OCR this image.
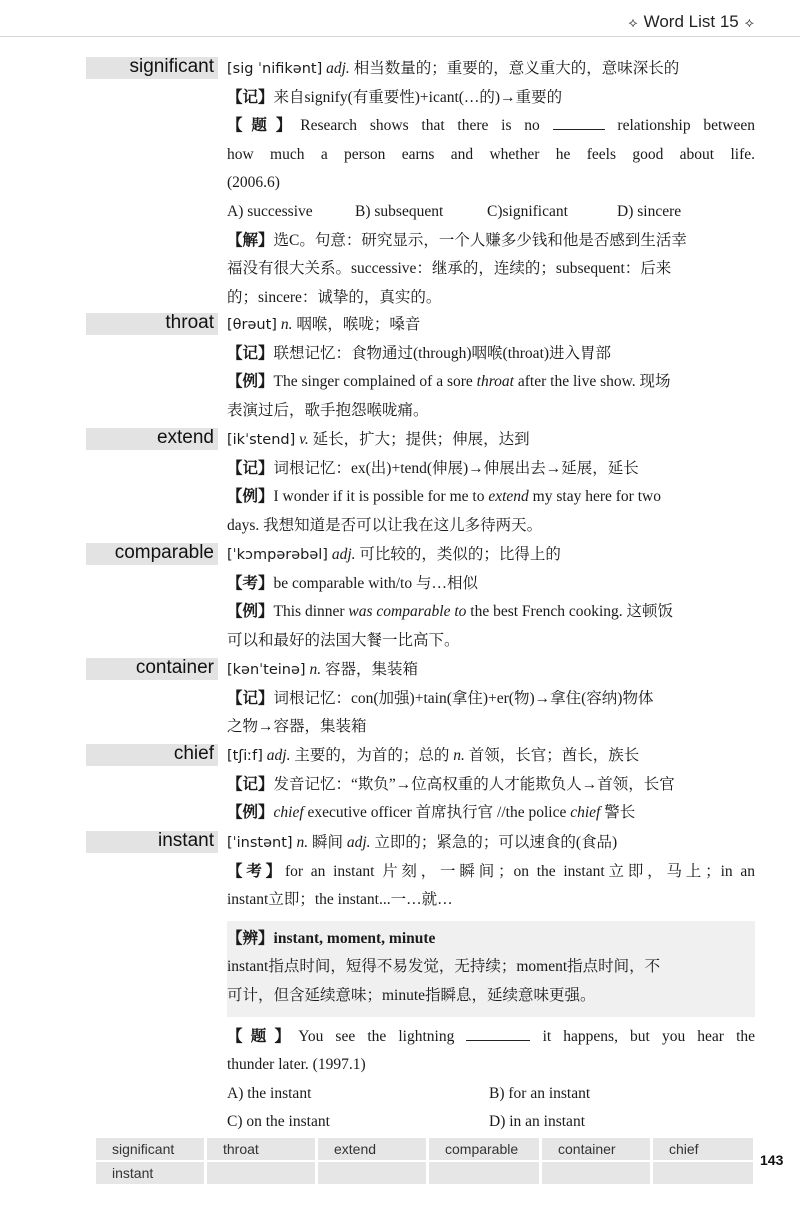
⟡ Word List 15 ⟡
significant [sig ˈnifikənt] adj. 相当数量的；重要的，意义重大的，意味深长的
【记】来自signify(有重要性)+icant(…的)→重要的
【题】Research shows that there is no	relationship between
how much a person earns and whether he feels good about life.
(2006.6)
A) successive	B) subsequent	C)significant	D) sincere
【解】选C。句意：研究显示，一个人赚多少钱和他是否感到生活幸
福没有很大关系。successive：继承的，连续的；subsequent：后来
的；sincere：诚挚的，真实的。
throat [θrəut] n. 咽喉，喉咙；嗓音
【记】联想记忆：食物通过(through)咽喉(throat)进入胃部
【例】The singer complained of a sore throat after the live show. 现场
表演过后，歌手抱怨喉咙痛。
extend [ikˈstend] v. 延长，扩大；提供；伸展，达到
【记】词根记忆：ex(出)+tend(伸展)→伸展出去→延展，延长
【例】I wonder if it is possible for me to extend my stay here for two
days. 我想知道是否可以让我在这儿多待两天。
comparable [ˈkɔmpərəbəl] adj. 可比较的，类似的；比得上的
【考】be comparable with/to 与…相似
【例】This dinner was comparable to the best French cooking. 这顿饭
可以和最好的法国大餐一比高下。
container [kənˈteinə] n. 容器，集装箱
【记】词根记忆：con(加强)+tain(拿住)+er(物)→拿住(容纳)物体
之物→容器，集装箱
chief [tʃiːf] adj. 主要的，为首的；总的 n. 首领，长官；酋长，族长
【记】发音记忆：“欺负”→位高权重的人才能欺负人→首领，长官
【例】chief executive officer 首席执行官 //the police chief 警长
instant [ˈinstənt] n. 瞬间 adj. 立即的；紧急的；可以速食的(食品)
【考】for an instant 片刻，一瞬间；on the instant立即，马上；in an
instant立即；the instant...一…就…
【辨】instant, moment, minute
instant指点时间，短得不易发觉，无持续；moment指点时间，不
可计，但含延续意味；minute指瞬息，延续意味更强。
【题】You see the lightning	it happens, but you hear the
thunder later. (1997.1)
A) the instant	B) for an instant
C) on the instant	D) in an instant
significant	throat	extend	comparable	container	chief
instant
143
